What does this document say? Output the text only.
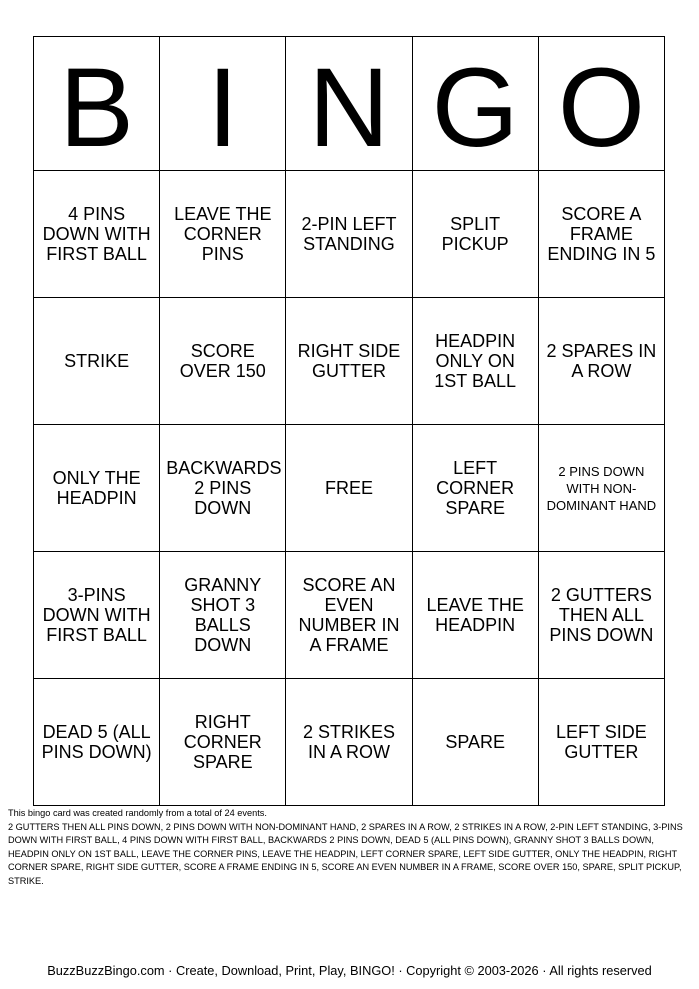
B	I	N	G	O
4 PINS DOWN WITH FIRST BALL	LEAVE THE CORNER PINS	2-PIN LEFT STANDING	SPLIT PICKUP	SCORE A FRAME ENDING IN 5
STRIKE	SCORE OVER 150	RIGHT SIDE GUTTER	HEADPIN ONLY ON 1ST BALL	2 SPARES IN A ROW
ONLY THE HEADPIN	BACKWARDS 2 PINS DOWN	FREE	LEFT CORNER SPARE	2 PINS DOWN WITH NON-DOMINANT HAND
3-PINS DOWN WITH FIRST BALL	GRANNY SHOT 3 BALLS DOWN	SCORE AN EVEN NUMBER IN A FRAME	LEAVE THE HEADPIN	2 GUTTERS THEN ALL PINS DOWN
DEAD 5 (ALL PINS DOWN)	RIGHT CORNER SPARE	2 STRIKES IN A ROW	SPARE	LEFT SIDE GUTTER
This bingo card was created randomly from a total of 24 events.
2 GUTTERS THEN ALL PINS DOWN, 2 PINS DOWN WITH NON-DOMINANT HAND, 2 SPARES IN A ROW, 2 STRIKES IN A ROW, 2-PIN LEFT STANDING, 3-PINS DOWN WITH FIRST BALL, 4 PINS DOWN WITH FIRST BALL, BACKWARDS 2 PINS DOWN, DEAD 5 (ALL PINS DOWN), GRANNY SHOT 3 BALLS DOWN, HEADPIN ONLY ON 1ST BALL, LEAVE THE CORNER PINS, LEAVE THE HEADPIN, LEFT CORNER SPARE, LEFT SIDE GUTTER, ONLY THE HEADPIN, RIGHT CORNER SPARE, RIGHT SIDE GUTTER, SCORE A FRAME ENDING IN 5, SCORE AN EVEN NUMBER IN A FRAME, SCORE OVER 150, SPARE, SPLIT PICKUP, STRIKE.
BuzzBuzzBingo.com · Create, Download, Print, Play, BINGO! · Copyright © 2003-2026 · All rights reserved
